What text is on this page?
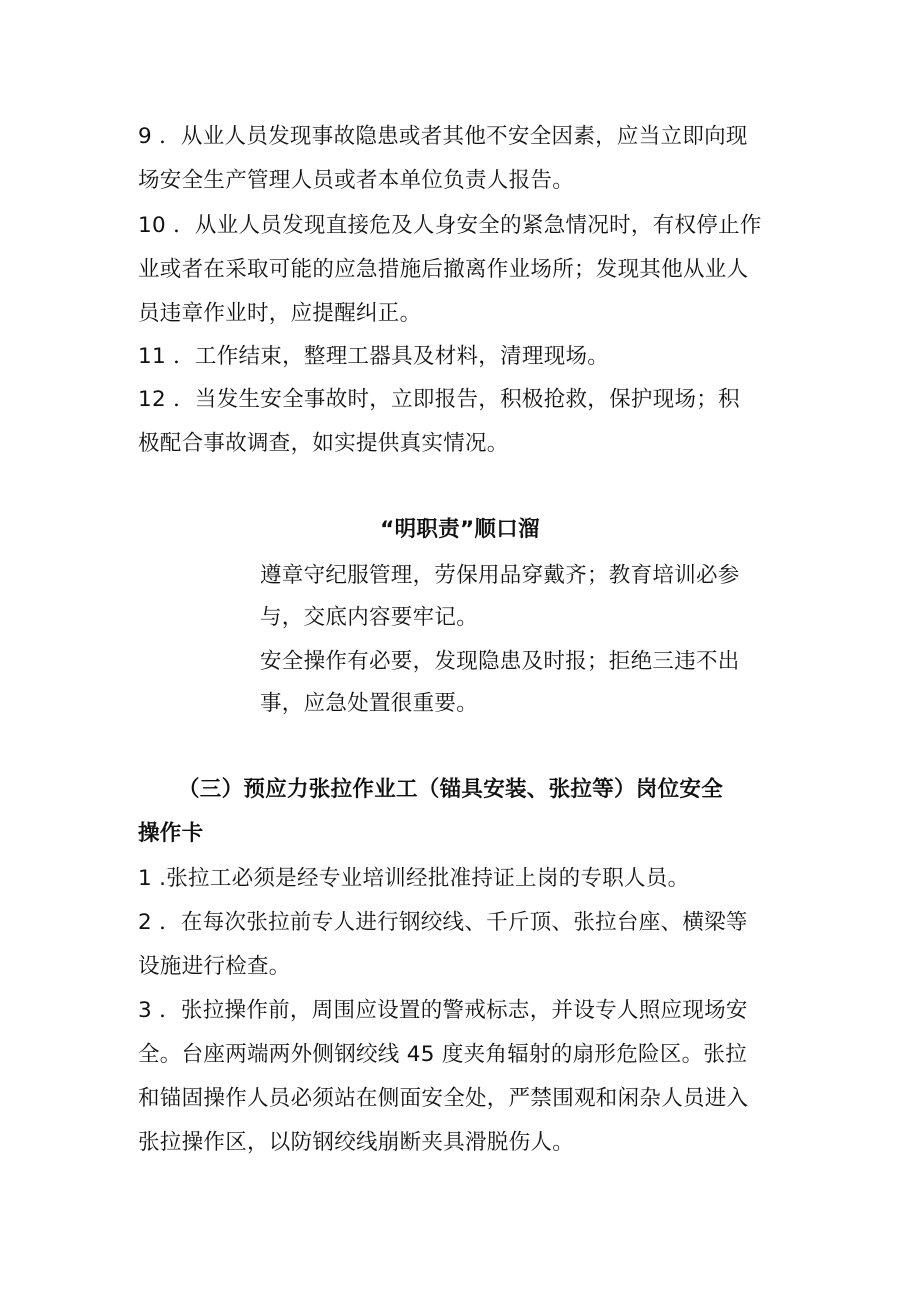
9 ．从业人员发现事故隐患或者其他不安全因素，应当立即向现
场安全生产管理人员或者本单位负责人报告。
10 ．从业人员发现直接危及人身安全的紧急情况时，有权停止作
业或者在采取可能的应急措施后撤离作业场所；发现其他从业人
员违章作业时，应提醒纠正。
11 ．工作结束，整理工器具及材料，清理现场。
12 ．当发生安全事故时，立即报告，积极抢救，保护现场；积
极配合事故调查，如实提供真实情况。
“明职责”顺口溜
遵章守纪服管理，劳保用品穿戴齐；教育培训必参
与，交底内容要牢记。
安全操作有必要，发现隐患及时报；拒绝三违不出
事，应急处置很重要。
（三）预应力张拉作业工（锚具安装、张拉等）岗位安全
操作卡
1 .张拉工必须是经专业培训经批准持证上岗的专职人员。
2 ．在每次张拉前专人进行钢绞线、千斤顶、张拉台座、横梁等
设施进行检查。
3 ．张拉操作前，周围应设置的警戒标志，并设专人照应现场安
全。台座两端两外侧钢绞线 45 度夹角辐射的扇形危险区。张拉
和锚固操作人员必须站在侧面安全处，严禁围观和闲杂人员进入
张拉操作区，以防钢绞线崩断夹具滑脱伤人。
